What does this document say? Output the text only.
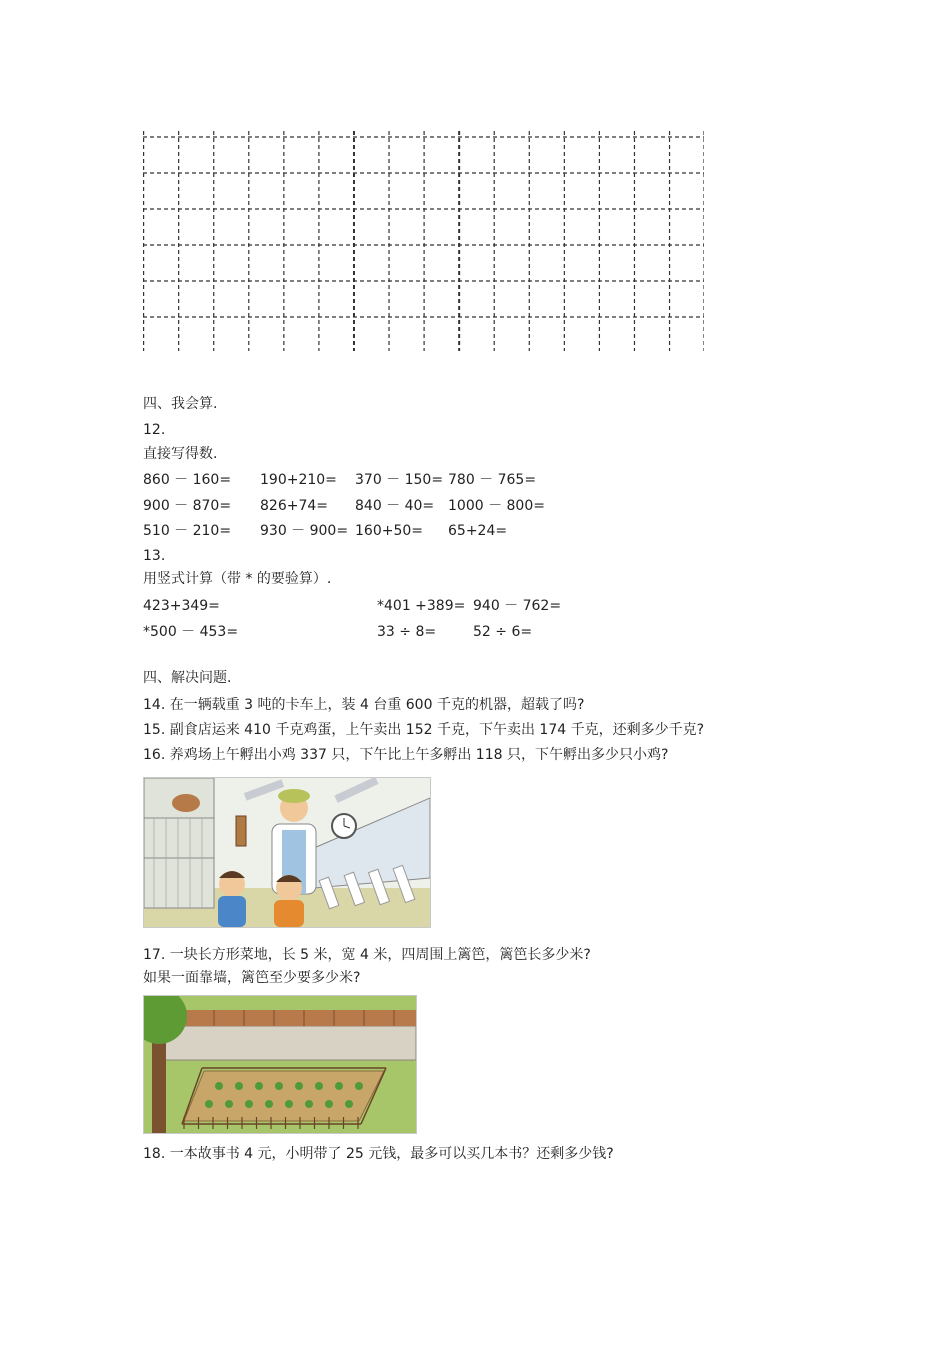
四、我会算.
12.
直接写得数.
860 － 160= 190+210= 370 － 150= 780 － 765=
900 － 870= 826+74= 840 － 40= 1000 － 800=
510 － 210= 930 － 900= 160+50= 65+24=
13.
用竖式计算（带 * 的要验算）.
423+349=	*401 +389= 940 － 762=
*500 － 453=	33 ÷ 8=	52 ÷ 6=
四、解决问题.
14. 在一辆载重 3 吨的卡车上，装 4 台重 600 千克的机器，超载了吗?
15. 副食店运来 410 千克鸡蛋，上午卖出 152 千克，下午卖出 174 千克，还剩多少千克?
16. 养鸡场上午孵出小鸡 337 只，下午比上午多孵出 118 只，下午孵出多少只小鸡?
17. 一块长方形菜地，长 5 米，宽 4 米，四周围上篱笆，篱笆长多少米?
如果一面靠墙，篱笆至少要多少米?
18. 一本故事书 4 元，小明带了 25 元钱，最多可以买几本书？还剩多少钱?
